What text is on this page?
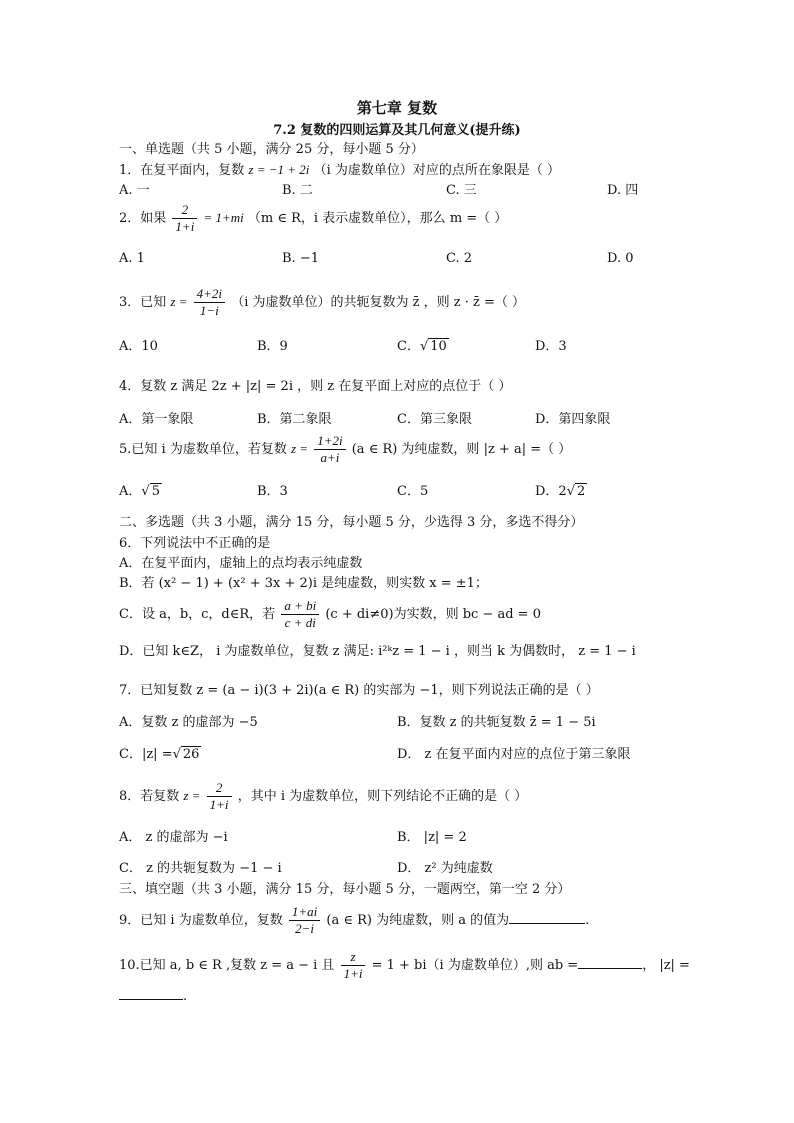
第七章 复数
7.2 复数的四则运算及其几何意义(提升练)
一、单选题（共 5 小题，满分 25 分，每小题 5 分）
1．在复平面内，复数 z = −1 + 2i （i 为虚数单位）对应的点所在象限是（ ）
A. 一	B. 二	C. 三	D. 四
2．如果 $\frac{2}{1+i} = 1+mi$ （m ∈ R，i 表示虚数单位），那么 m =（ ）
A. 1	B. −1	C. 2	D. 0
3．已知 $z = \frac{4+2i}{1-i} (i$ 为虚数单位）的共轭复数为 z̄ ，则 z · z̄ =（ ）
A．10	B．9	C．√ 10	D．3
4．复数 z 满足 2z + |z| = 2i ，则 z 在复平面上对应的点位于（ ）
A．第一象限	B．第二象限	C．第三象限	D．第四象限
5.已知 i 为虚数单位，若复数 $z = \frac{1+2i}{a+i} (a$ ∈ R) 为纯虚数，则 |z + a| =（ ）
A．√ 5	B．3	C．5	D．2√ 2
二、多选题（共 3 小题，满分 15 分，每小题 5 分，少选得 3 分，多选不得分）
6．下列说法中不正确的是
A．在复平面内，虚轴上的点均表示纯虚数
B．若 (x² − 1) + (x² + 3x + 2)i 是纯虚数，则实数 x = ±1；
C．设 a，b，c，d∈R，若 $\frac{a + bi}{c + di} (c + di\ne 0)$为实数，则 bc − ad = 0
D．已知 k∈Z， i 为虚数单位，复数 z 满足: i²ᵏz = 1 − i ，则当 k 为偶数时， z = 1 − i
7．已知复数 z = (a − i)(3 + 2i)(a ∈ R) 的实部为 −1，则下列说法正确的是（ ）
A．复数 z 的虚部为 −5	B．复数 z 的共轭复数 z̄ = 1 − 5i
C．|z| =√ 26	D． z 在复平面内对应的点位于第三象限
8．若复数 $z = \frac{2}{1+i}$ ，其中 i 为虚数单位，则下列结论不正确的是（ ）
A． z 的虚部为 −i	B． |z| = 2
C． z 的共轭复数为 −1 − i	D． z² 为纯虚数
三、填空题（共 3 小题，满分 15 分，每小题 5 分，一题两空，第一空 2 分）
9．已知 i 为虚数单位，复数 $\frac{1+ai}{2-i} (a$ ∈ R) 为纯虚数，则 a 的值为	.
10.已知 a, b ∈ R ,复数 z = a − i 且 $\frac{z}{1+i} = 1 + bi(i$ 为虚数单位）,则 ab =	， |z| =
.
